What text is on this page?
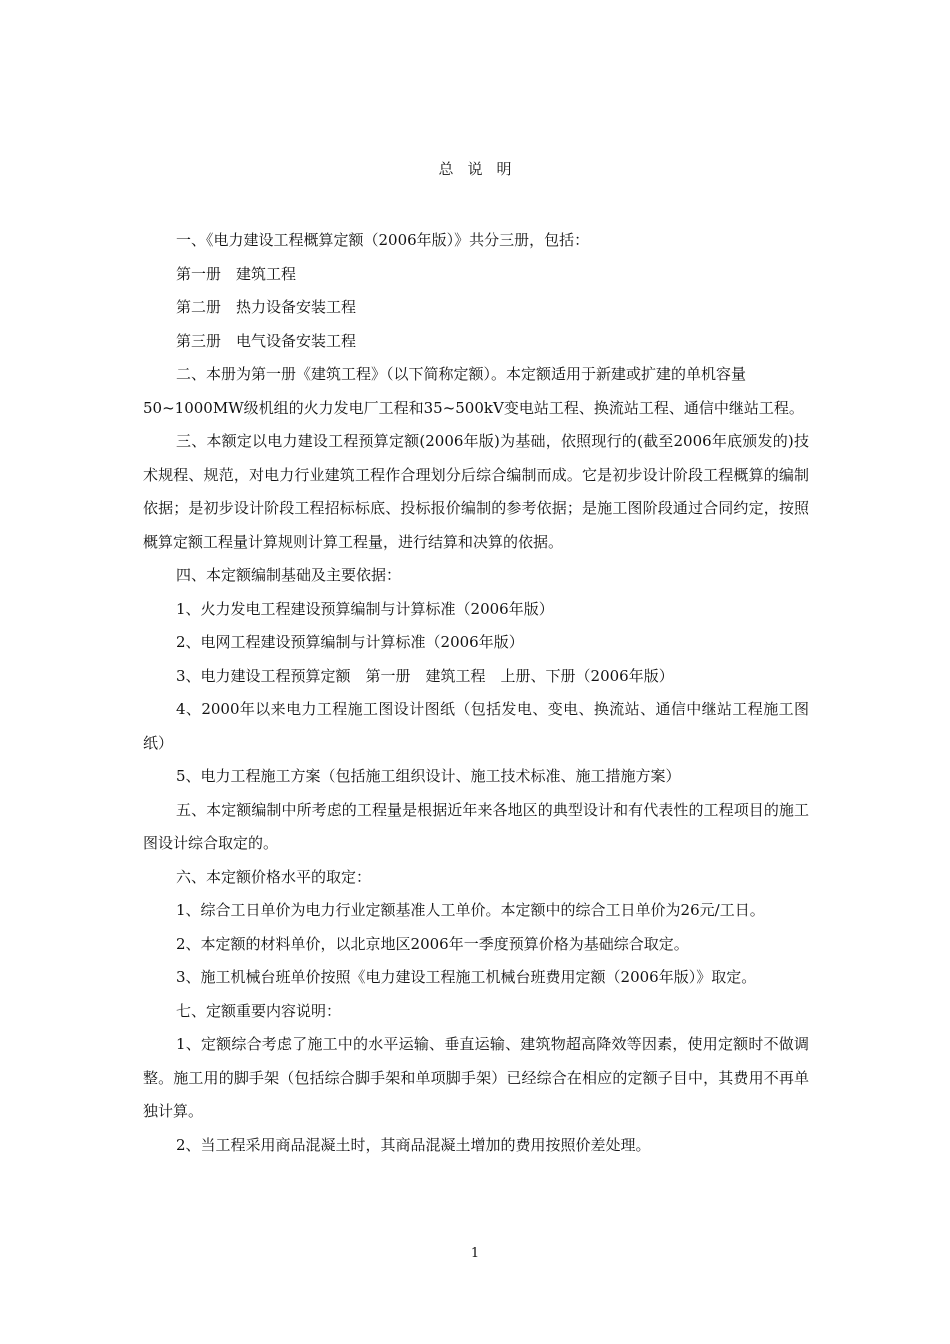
总说明

一、《电力建设工程概算定额（2006年版）》共分三册，包括：

第一册　建筑工程

第二册　热力设备安装工程

第三册　电气设备安装工程

二、本册为第一册《建筑工程》（以下简称定额）。本定额适用于新建或扩建的单机容量

50~1000MW级机组的火力发电厂工程和35~500kV变电站工程、换流站工程、通信中继站工程。

三、本额定以电力建设工程预算定额(2006年版)为基础，依照现行的(截至2006年底颁发的)技术规程、规范，对电力行业建筑工程作合理划分后综合编制而成。它是初步设计阶段工程概算的编制依据；是初步设计阶段工程招标标底、投标报价编制的参考依据；是施工图阶段通过合同约定，按照概算定额工程量计算规则计算工程量，进行结算和决算的依据。

四、本定额编制基础及主要依据：

1、火力发电工程建设预算编制与计算标准（2006年版）

2、电网工程建设预算编制与计算标准（2006年版）

3、电力建设工程预算定额　第一册　建筑工程　上册、下册（2006年版）

4、2000年以来电力工程施工图设计图纸（包括发电、变电、换流站、通信中继站工程施工图纸）

5、电力工程施工方案（包括施工组织设计、施工技术标准、施工措施方案）

五、本定额编制中所考虑的工程量是根据近年来各地区的典型设计和有代表性的工程项目的施工图设计综合取定的。

六、本定额价格水平的取定：

1、综合工日单价为电力行业定额基准人工单价。本定额中的综合工日单价为26元/工日。

2、本定额的材料单价，以北京地区2006年一季度预算价格为基础综合取定。

3、施工机械台班单价按照《电力建设工程施工机械台班费用定额（2006年版）》取定。

七、定额重要内容说明：

1、定额综合考虑了施工中的水平运输、垂直运输、建筑物超高降效等因素，使用定额时不做调整。施工用的脚手架（包括综合脚手架和单项脚手架）已经综合在相应的定额子目中，其费用不再单独计算。

2、当工程采用商品混凝土时，其商品混凝土增加的费用按照价差处理。

1
